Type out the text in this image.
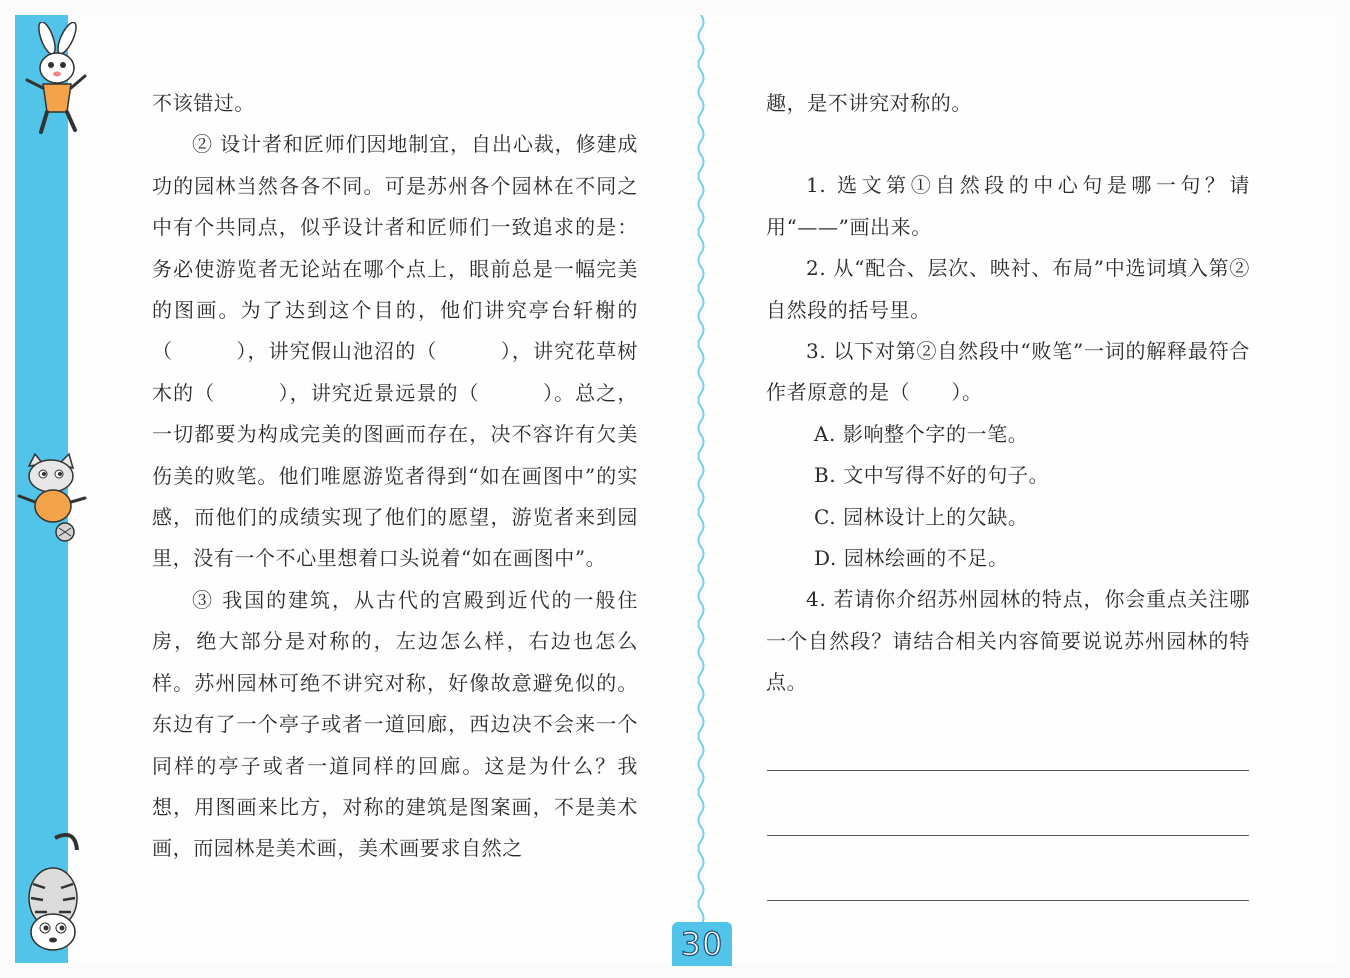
不该错过。

② 设计者和匠师们因地制宜，自出心裁，修建成功的园林当然各各不同。可是苏州各个园林在不同之中有个共同点，似乎设计者和匠师们一致追求的是：务必使游览者无论站在哪个点上，眼前总是一幅完美的图画。为了达到这个目的，他们讲究亭台轩榭的（　　　），讲究假山池沼的（　　　），讲究花草树木的（　　　），讲究近景远景的（　　　）。总之，一切都要为构成完美的图画而存在，决不容许有欠美伤美的败笔。他们唯愿游览者得到“如在画图中”的实感，而他们的成绩实现了他们的愿望，游览者来到园里，没有一个不心里想着口头说着“如在画图中”。

③ 我国的建筑，从古代的宫殿到近代的一般住房，绝大部分是对称的，左边怎么样，右边也怎么样。苏州园林可绝不讲究对称，好像故意避免似的。东边有了一个亭子或者一道回廊，西边决不会来一个同样的亭子或者一道同样的回廊。这是为什么？我想，用图画来比方，对称的建筑是图案画，不是美术画，而园林是美术画，美术画要求自然之

趣，是不讲究对称的。

1. 选文第①自然段的中心句是哪一句？请用“——”画出来。

2. 从“配合、层次、映衬、布局”中选词填入第②自然段的括号里。

3. 以下对第②自然段中“败笔”一词的解释最符合作者原意的是（　　）。

A. 影响整个字的一笔。

B. 文中写得不好的句子。

C. 园林设计上的欠缺。

D. 园林绘画的不足。

4. 若请你介绍苏州园林的特点，你会重点关注哪一个自然段？请结合相关内容简要说说苏州园林的特点。

30
